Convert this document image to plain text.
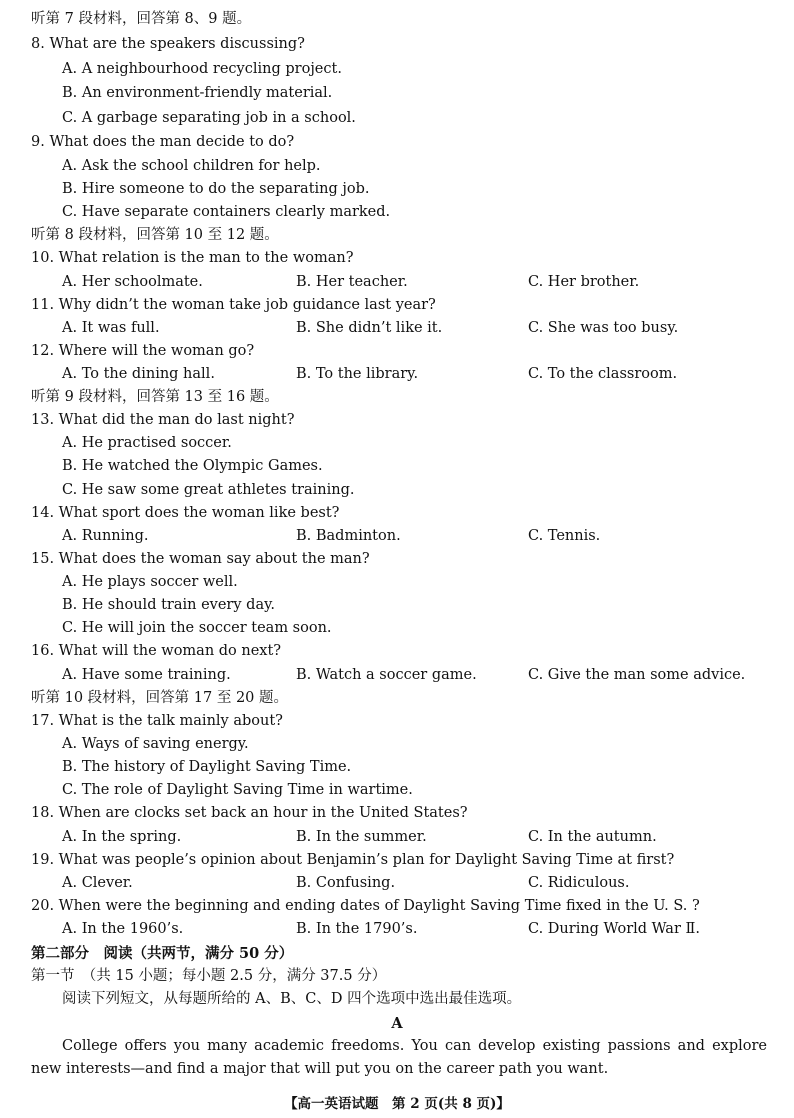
听第 7 段材料，回答第 8、9 题。
8. What are the speakers discussing?
A. A neighbourhood recycling project.
B. An environment-friendly material.
C. A garbage separating job in a school.
9. What does the man decide to do?
A. Ask the school children for help.
B. Hire someone to do the separating job.
C. Have separate containers clearly marked.
听第 8 段材料，回答第 10 至 12 题。
10. What relation is the man to the woman?
A. Her schoolmate.	B. Her teacher.	C. Her brother.
11. Why didn’t the woman take job guidance last year?
A. It was full.	B. She didn’t like it.	C. She was too busy.
12. Where will the woman go?
A. To the dining hall.	B. To the library.	C. To the classroom.
听第 9 段材料，回答第 13 至 16 题。
13. What did the man do last night?
A. He practised soccer.
B. He watched the Olympic Games.
C. He saw some great athletes training.
14. What sport does the woman like best?
A. Running.	B. Badminton.	C. Tennis.
15. What does the woman say about the man?
A. He plays soccer well.
B. He should train every day.
C. He will join the soccer team soon.
16. What will the woman do next?
A. Have some training.	B. Watch a soccer game.	C. Give the man some advice.
听第 10 段材料，回答第 17 至 20 题。
17. What is the talk mainly about?
A. Ways of saving energy.
B. The history of Daylight Saving Time.
C. The role of Daylight Saving Time in wartime.
18. When are clocks set back an hour in the United States?
A. In the spring.	B. In the summer.	C. In the autumn.
19. What was people’s opinion about Benjamin’s plan for Daylight Saving Time at first?
A. Clever.	B. Confusing.	C. Ridiculous.
20. When were the beginning and ending dates of Daylight Saving Time fixed in the U. S. ?
A. In the 1960’s.	B. In the 1790’s.	C. During World War Ⅱ.
第二部分　阅读（共两节，满分 50 分）
第一节　（共 15 小题；每小题 2.5 分，满分 37.5 分）
阅读下列短文，从每题所给的 A、B、C、D 四个选项中选出最佳选项。
A
College offers you many academic freedoms. You can develop existing passions and explore new interests—and find a major that will put you on the career path you want.
【高一英语试题　第 2 页(共 8 页)】
